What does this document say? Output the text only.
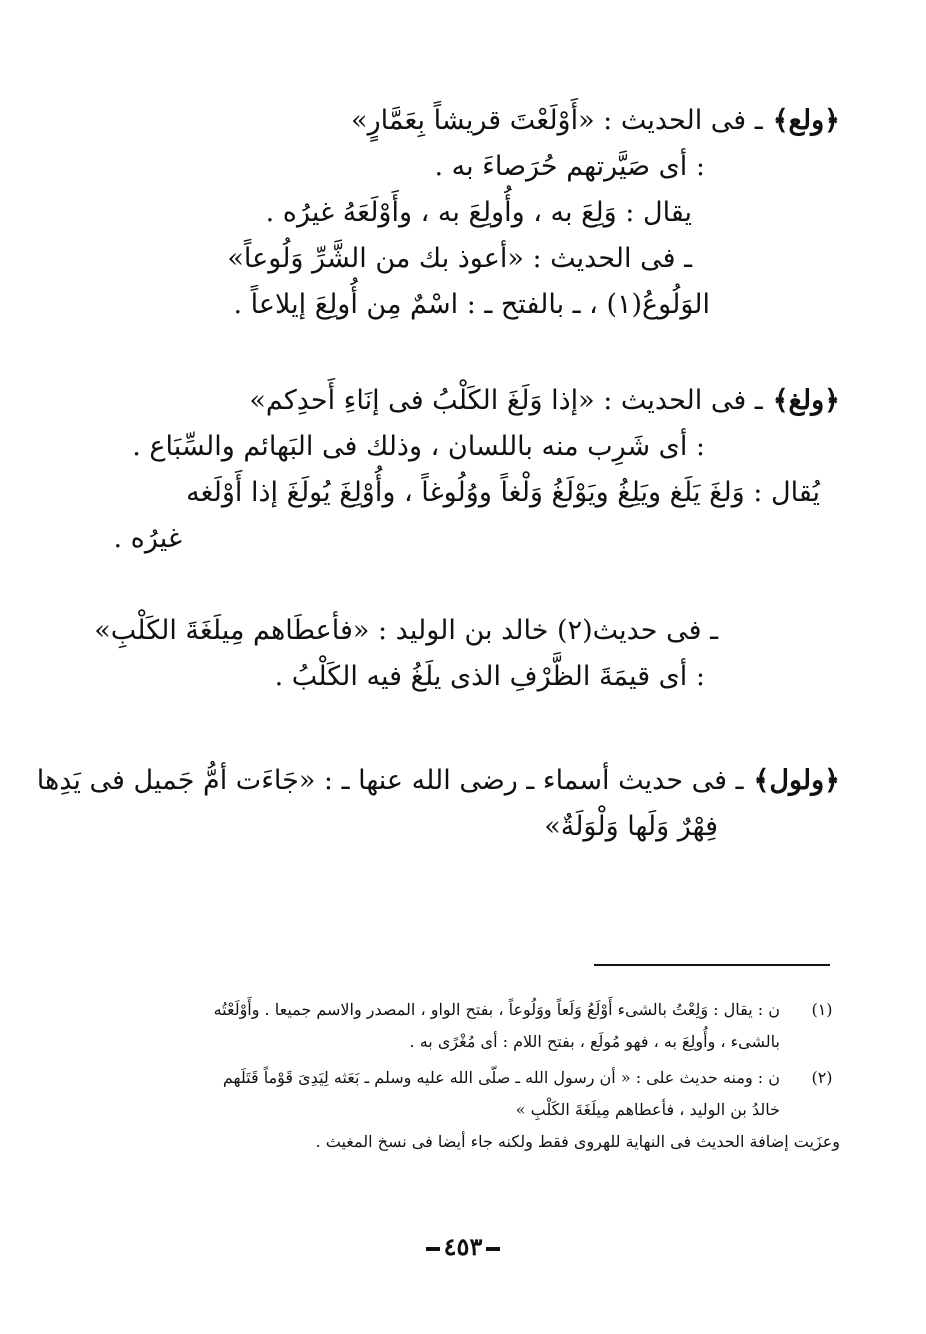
﴿ولع﴾ـ فى الحديث : «أَوْلَعْتَ قريشاً بِعَمَّارٍ»
: أى صَيَّرتهم حُرَصاءَ به .
يقال : وَلِعَ به ، وأُولِعَ به ، وأَوْلَعَهُ غيرُه .
ـ فى الحديث : «أعوذ بك من الشَّرِّ وَلُوعاً»
الوَلُوعُ(١) ، ـ بالفتح ـ : اسْمٌ مِن أُولِعَ إيلاعاً .
﴿ولغ﴾ـ فى الحديث : «إذا وَلَغَ الكَلْبُ فى إنَاءِ أَحدِكم»
: أى شَرِب منه باللسان ، وذلك فى البَهائم والسِّبَاع .
يُقال : وَلغَ يَلَغ ويَلِغُ ويَوْلَغُ وَلْغاً ووُلُوغاً ، وأُوْلِغَ يُولَغَ إذا أَوْلَغه
غيرُه .
ـ فى حديث(٢) خالد بن الوليد : «فأعطَاهم مِيلَغَةَ الكَلْبِ»
: أى قيمَةَ الظَّرْفِ الذى يلَغُ فيه الكَلْبُ .
﴿ولول﴾ـ فى حديث أسماء ـ رضى الله عنها ـ : «جَاءَت أمُّ جَميل فى يَدِها
فِهْرٌ وَلَها وَلْوَلَةٌ»
(١)
ن : يقال : وَلِعْتُ بالشىء أَوْلَعُ وَلَعاً ووَلُوعاً ، بفتح الواو ، المصدر والاسم جميعا . وأَوْلَعْتُه
بالشىء ، وأُولِعَ به ، فهو مُولَع ، بفتح اللام : أى مُغْرًى به .
(٢)
ن : ومنه حديث على : « أن رسول الله ـ صلّى الله عليه وسلم ـ بَعَثه لِيَدِىَ قَوْماً قَتَلَهم
خالدُ بن الوليد ، فأعطاهم مِيلَغَةَ الكَلْبِ »
وعزَيت إضافة الحديث فى النهاية للهروى فقط ولكنه جاء أيضا فى نسخ المغيث .
٤٥٣
